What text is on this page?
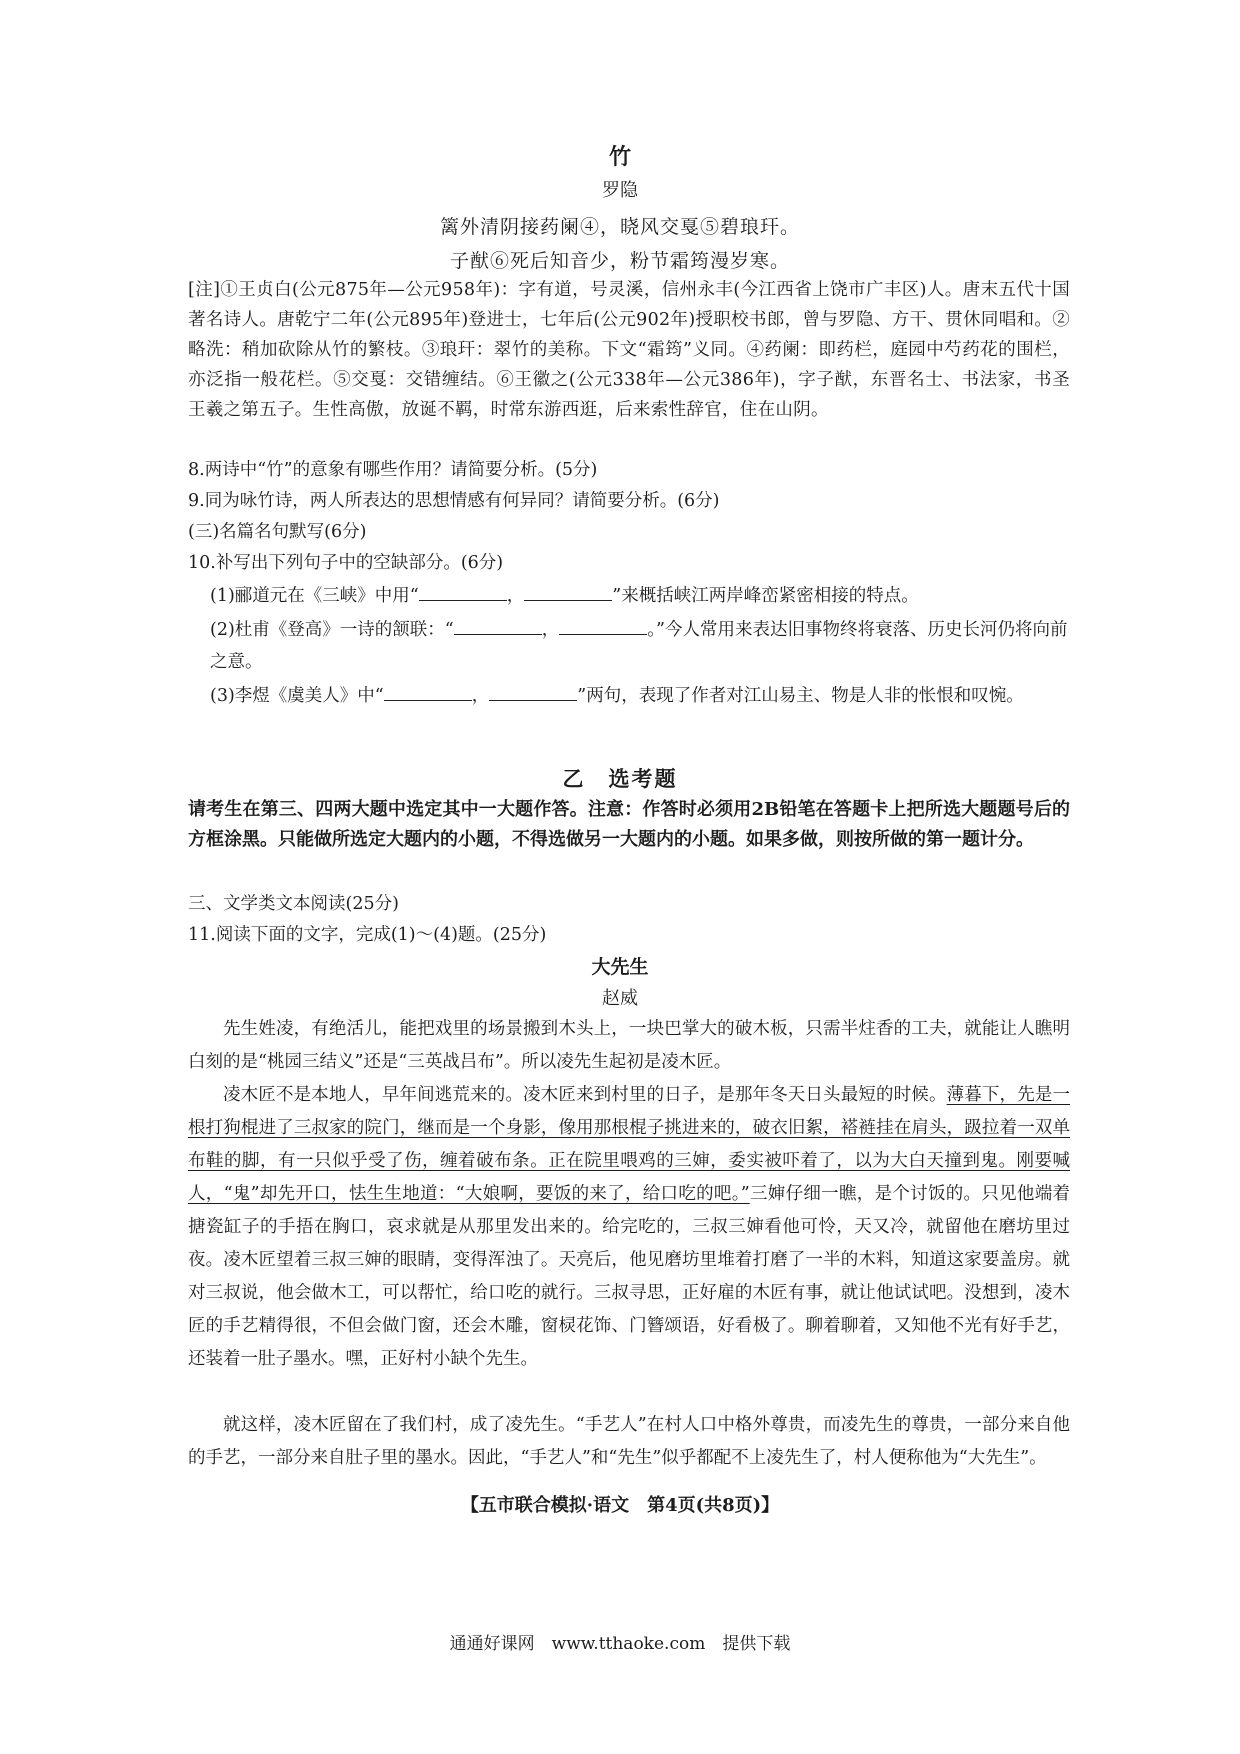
竹
罗隐
篱外清阴接药阑④，晓风交戛⑤碧琅玕。
子猷⑥死后知音少，粉节霜筠漫岁寒。

[注]①王贞白(公元875年—公元958年)：字有道，号灵溪，信州永丰(今江西省上饶市广丰区)人。唐末五代十国著名诗人。唐乾宁二年(公元895年)登进士，七年后(公元902年)授职校书郎，曾与罗隐、方干、贯休同唱和。②略洗：稍加砍除从竹的繁枝。③琅玕：翠竹的美称。下文“霜筠”义同。④药阑：即药栏，庭园中芍药花的围栏，亦泛指一般花栏。⑤交戛：交错缠结。⑥王徽之(公元338年—公元386年)，字子猷，东晋名士、书法家，书圣王羲之第五子。生性高傲，放诞不羁，时常东游西逛，后来索性辞官，住在山阴。

8.两诗中“竹”的意象有哪些作用？请简要分析。(5分)

9.同为咏竹诗，两人所表达的思想情感有何异同？请简要分析。(6分)

(三)名篇名句默写(6分)

10.补写出下列句子中的空缺部分。(6分)

(1)郦道元在《三峡》中用“	，	”来概括峡江两岸峰峦紧密相接的特点。

(2)杜甫《登高》一诗的颔联：“	，	。”今人常用来表达旧事物终将衰落、历史长河仍将向前之意。

(3)李煜《虞美人》中“	，	”两句，表现了作者对江山易主、物是人非的怅恨和叹惋。

乙　选考题

请考生在第三、四两大题中选定其中一大题作答。注意：作答时必须用2B铅笔在答题卡上把所选大题题号后的方框涂黑。只能做所选定大题内的小题，不得选做另一大题内的小题。如果多做，则按所做的第一题计分。

三、文学类文本阅读(25分)

11.阅读下面的文字，完成(1)～(4)题。(25分)

大先生
赵威

先生姓凌，有绝活儿，能把戏里的场景搬到木头上，一块巴掌大的破木板，只需半炷香的工夫，就能让人瞧明白刻的是“桃园三结义”还是“三英战吕布”。所以凌先生起初是凌木匠。

凌木匠不是本地人，早年间逃荒来的。凌木匠来到村里的日子，是那年冬天日头最短的时候。薄暮下，先是一根打狗棍进了三叔家的院门，继而是一个身影，像用那根棍子挑进来的，破衣旧絮，褡裢挂在肩头，趿拉着一双单布鞋的脚，有一只似乎受了伤，缠着破布条。正在院里喂鸡的三婶，委实被吓着了，以为大白天撞到鬼。刚要喊人，“鬼”却先开口，怯生生地道：“大娘啊，要饭的来了，给口吃的吧。”三婶仔细一瞧，是个讨饭的。只见他端着搪瓷缸子的手捂在胸口，哀求就是从那里发出来的。给完吃的，三叔三婶看他可怜，天又冷，就留他在磨坊里过夜。凌木匠望着三叔三婶的眼睛，变得浑浊了。天亮后，他见磨坊里堆着打磨了一半的木料，知道这家要盖房。就对三叔说，他会做木工，可以帮忙，给口吃的就行。三叔寻思，正好雇的木匠有事，就让他试试吧。没想到，凌木匠的手艺精得很，不但会做门窗，还会木雕，窗棂花饰、门簪颂语，好看极了。聊着聊着，又知他不光有好手艺，还装着一肚子墨水。嘿，正好村小缺个先生。

就这样，凌木匠留在了我们村，成了凌先生。“手艺人”在村人口中格外尊贵，而凌先生的尊贵，一部分来自他的手艺，一部分来自肚子里的墨水。因此，“手艺人”和“先生”似乎都配不上凌先生了，村人便称他为“大先生”。

【五市联合模拟·语文　第4页(共8页)】
通通好课网　www.tthaoke.com　提供下载
